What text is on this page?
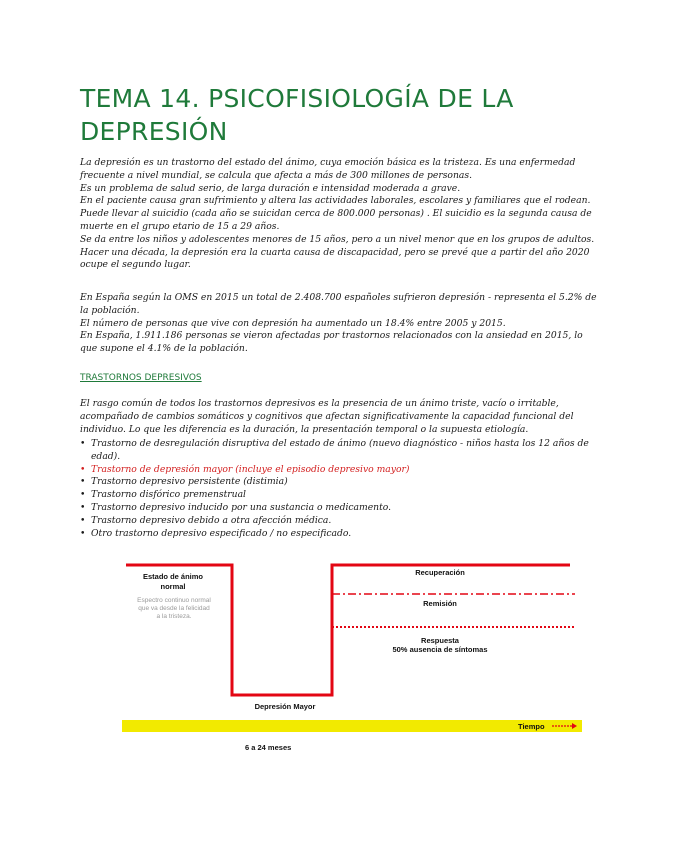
TEMA 14. PSICOFISIOLOGÍA DE LA DEPRESIÓN

La depresión es un trastorno del estado del ánimo, cuya emoción básica es la tristeza. Es una enfermedad frecuente a nivel mundial, se calcula que afecta a más de 300 millones de personas.

Es un problema de salud serio, de larga duración e intensidad moderada a grave.

En el paciente causa gran sufrimiento y altera las actividades laborales, escolares y familiares que el rodean. Puede llevar al suicidio (cada año se suicidan cerca de 800.000 personas) . El suicidio es la segunda causa de muerte en el grupo etario de 15 a 29 años.

Se da entre los niños y adolescentes menores de 15 años, pero a un nivel menor que en los grupos de adultos.

Hacer una década, la depresión era la cuarta causa de discapacidad, pero se prevé que a partir del año 2020 ocupe el segundo lugar.

En España según la OMS en 2015 un total de 2.408.700 españoles sufrieron depresión - representa el 5.2% de la población.

El número de personas que vive con depresión ha aumentado un 18.4% entre 2005 y 2015.

En España, 1.911.186 personas se vieron afectadas por trastornos relacionados con la ansiedad en 2015, lo que supone el 4.1% de la población.

TRASTORNOS DEPRESIVOS

El rasgo común de todos los trastornos depresivos es la presencia de un ánimo triste, vacío o irritable, acompañado de cambios somáticos y cognitivos que afectan significativamente la capacidad funcional del individuo. Lo que les diferencia es la duración, la presentación temporal o la supuesta etiología.

• Trastorno de desregulación disruptiva del estado de ánimo (nuevo diagnóstico - niños hasta los 12 años de edad).
• Trastorno de depresión mayor (incluye el episodio depresivo mayor)
• Trastorno depresivo persistente (distimia)
• Trastorno disfórico premenstrual
• Trastorno depresivo inducido por una sustancia o medicamento.
• Trastorno depresivo debido a otra afección médica.
• Otro trastorno depresivo especificado / no especificado.
Estado de ánimo normal
Espectro continuo normal que va desde la felicidad a la tristeza.
Recuperación
Remisión
Respuesta
50% ausencia de síntomas
Depresión Mayor
Tiempo
6 a 24 meses
